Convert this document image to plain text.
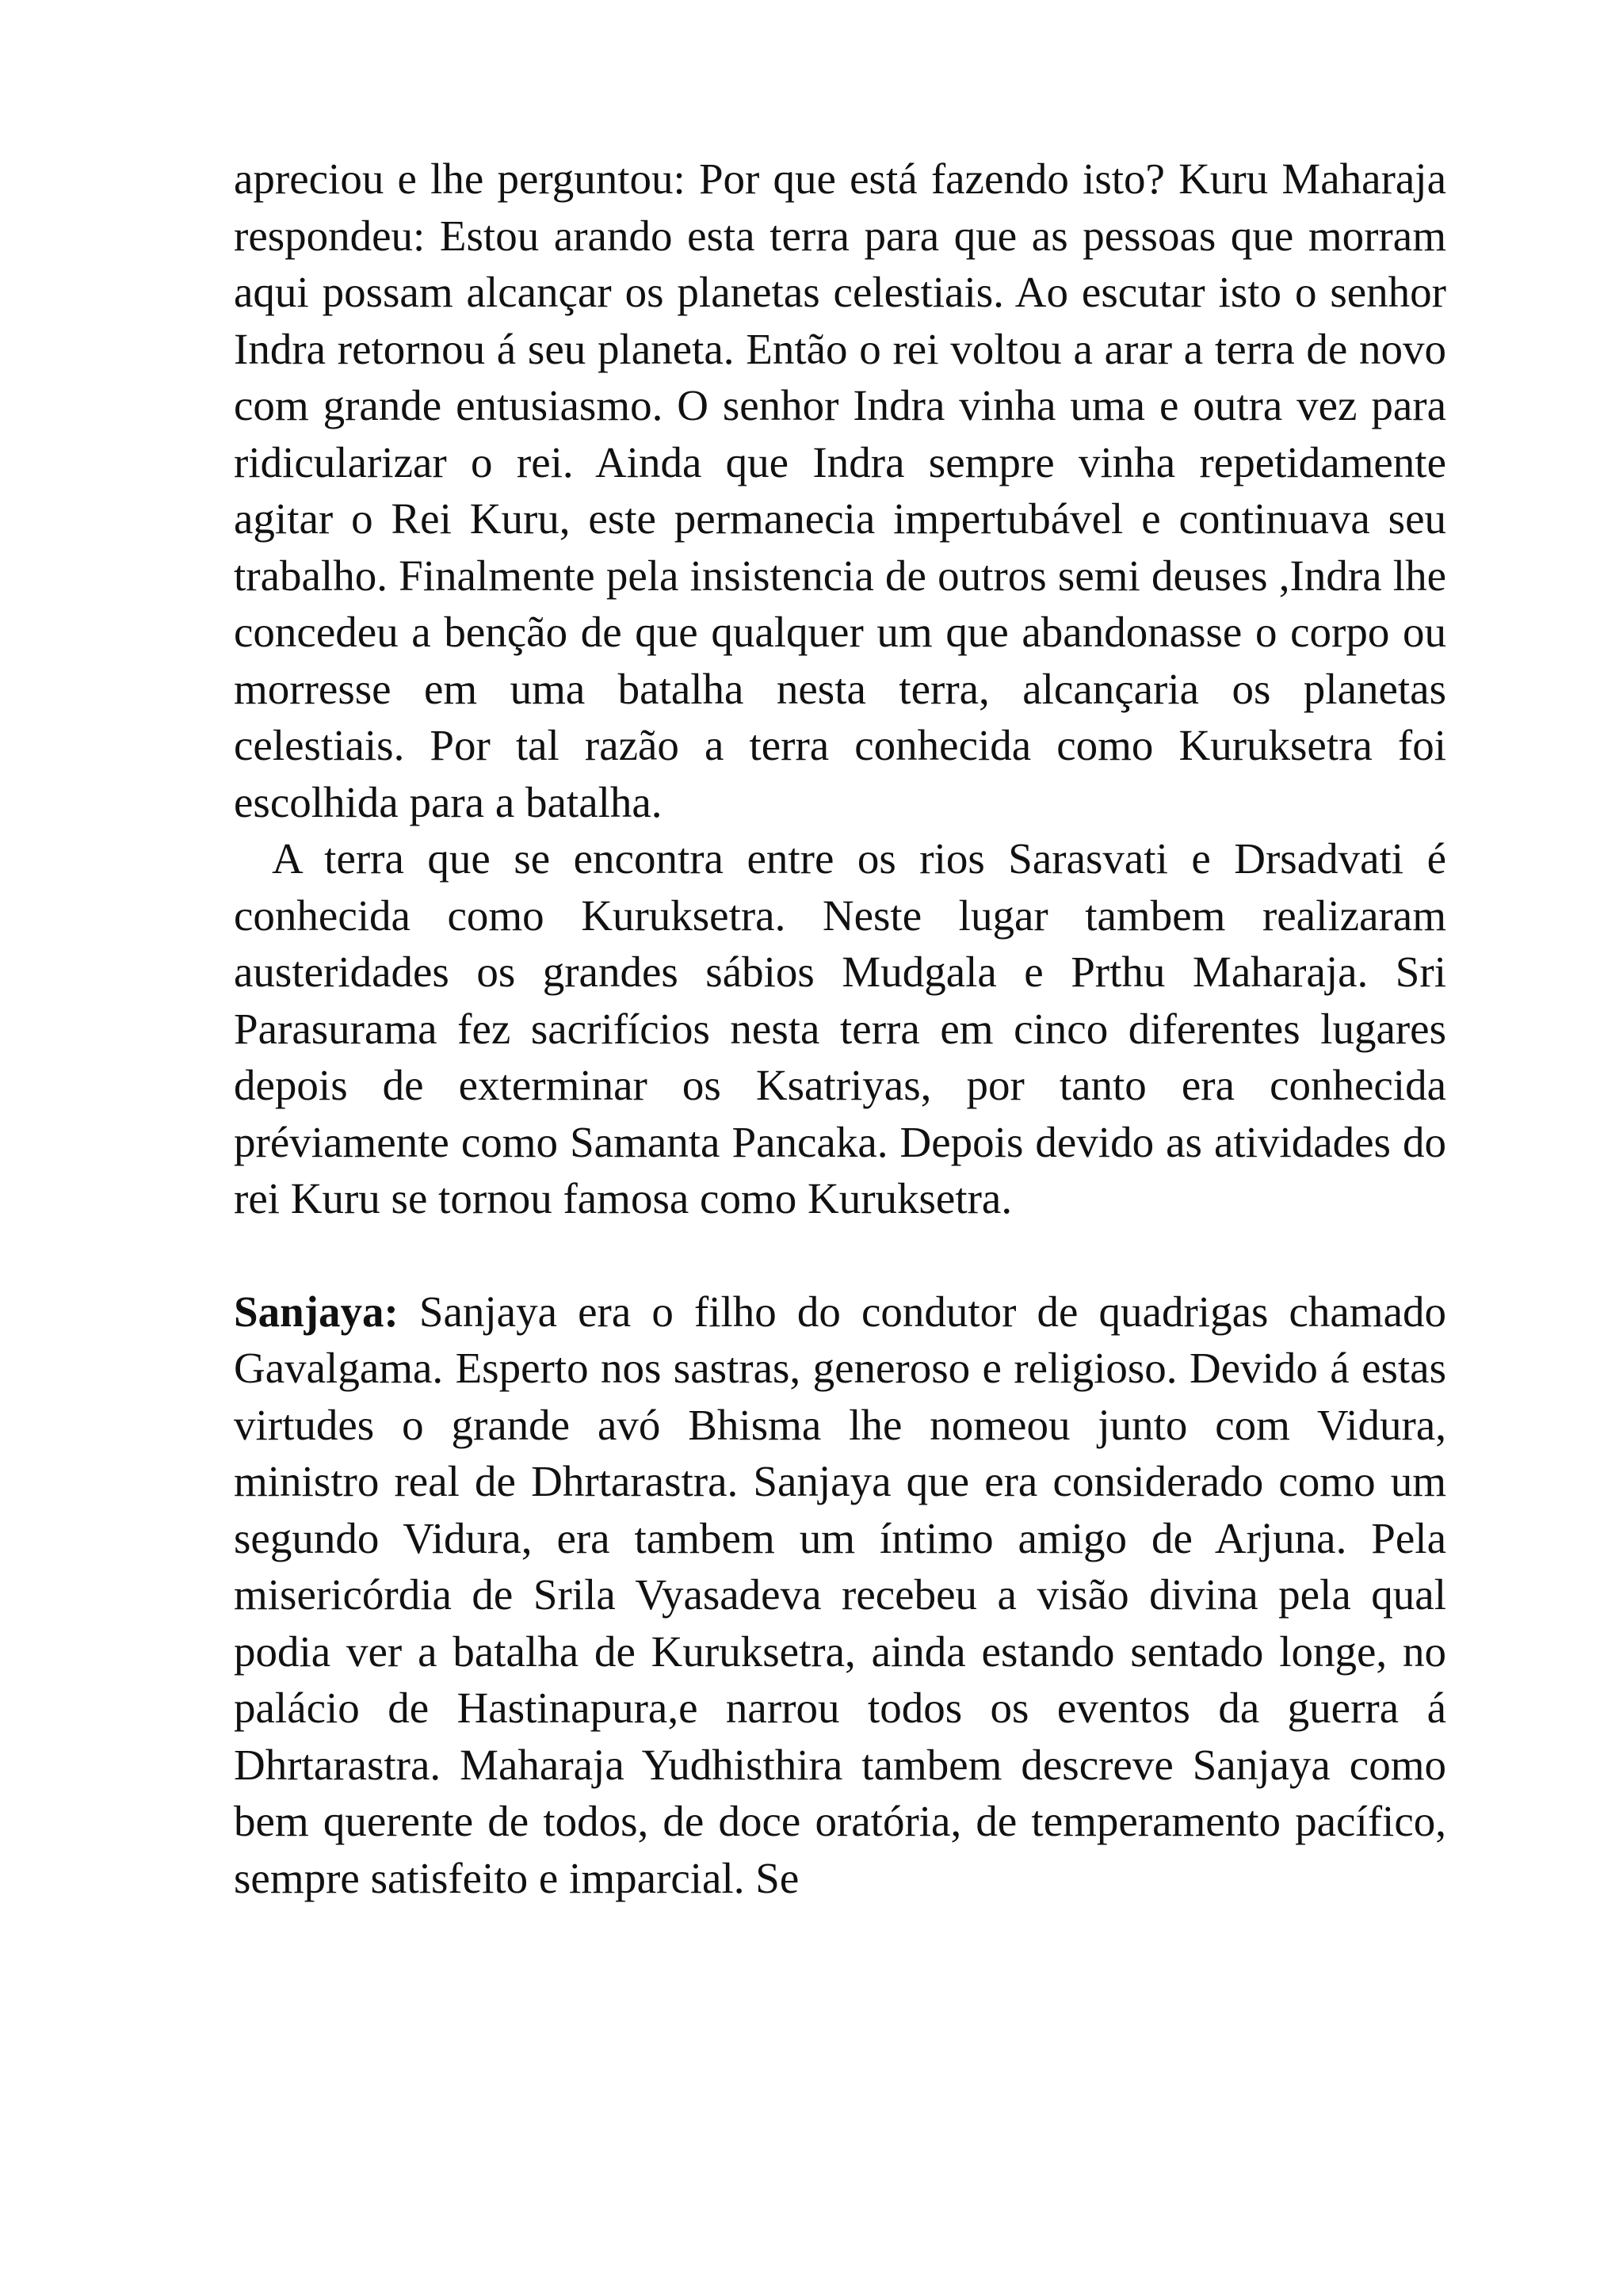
apreciou e lhe perguntou: Por que está fazendo isto? Kuru Maharaja respondeu: Estou arando esta terra para que as pessoas que morram aqui possam alcançar os planetas celestiais. Ao escutar isto o senhor Indra retornou á seu planeta. Então o rei voltou a arar a terra de novo com grande entusiasmo. O senhor Indra vinha uma e outra vez para ridicularizar o rei. Ainda que Indra sempre vinha repetidamente agitar o Rei Kuru, este permanecia impertubável e continuava seu trabalho. Finalmente pela insistencia de outros semi deuses ,Indra lhe concedeu a benção de que qualquer um que abandonasse o corpo ou morresse em uma batalha nesta terra, alcançaria os planetas celestiais. Por tal razão a terra conhecida como Kuruksetra foi escolhida para a batalha.

A terra que se encontra entre os rios Sarasvati e Drsadvati é conhecida como Kuruksetra. Neste lugar tambem realizaram austeridades os grandes sábios Mudgala e Prthu Maharaja. Sri Parasurama fez sacrifícios nesta terra em cinco diferentes lugares depois de exterminar os Ksatriyas, por tanto era conhecida préviamente como Samanta Pancaka. Depois devido as atividades do rei Kuru se tornou famosa como Kuruksetra.

Sanjaya: Sanjaya era o filho do condutor de quadrigas chamado Gavalgama. Esperto nos sastras, generoso e religioso. Devido á estas virtudes o grande avó Bhisma lhe nomeou junto com Vidura, ministro real de Dhrtarastra. Sanjaya que era considerado como um segundo Vidura, era tambem um íntimo amigo de Arjuna. Pela misericórdia de Srila Vyasadeva recebeu a visão divina pela qual podia ver a batalha de Kuruksetra, ainda estando sentado longe, no palácio de Hastinapura,e narrou todos os eventos da guerra á Dhrtarastra. Maharaja Yudhisthira tambem descreve Sanjaya como bem querente de todos, de doce oratória, de temperamento pacífico, sempre satisfeito e imparcial. Se
